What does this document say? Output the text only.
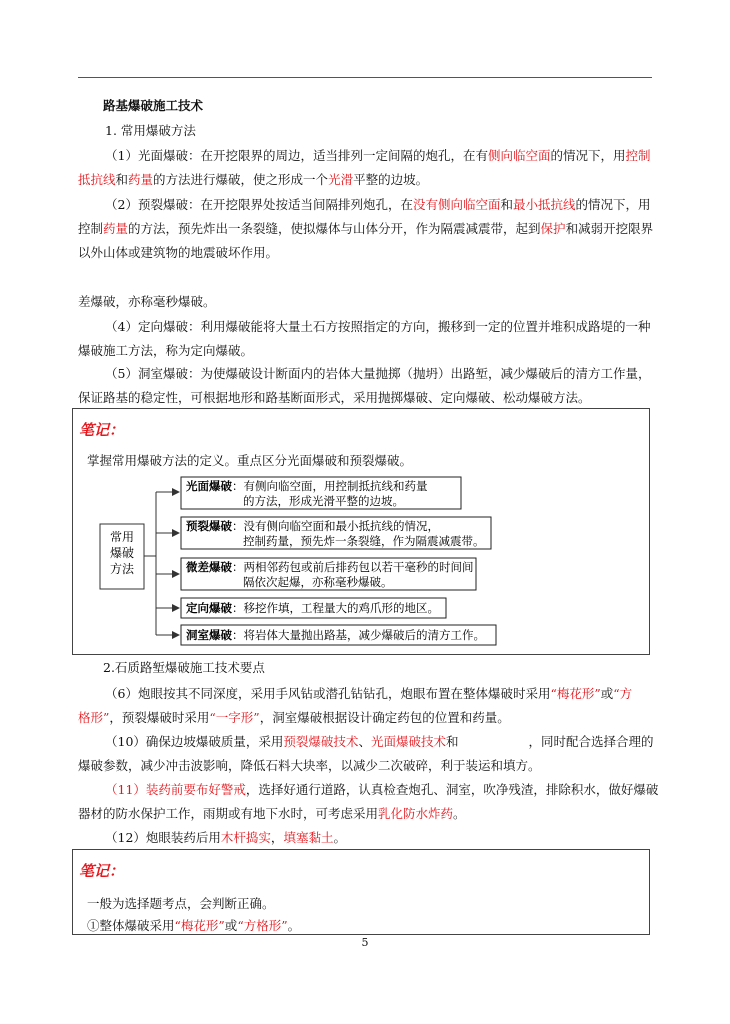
路基爆破施工技术
1. 常用爆破方法
（1）光面爆破：在开挖限界的周边，适当排列一定间隔的炮孔，在有侧向临空面的情况下，用控制
抵抗线和药量的方法进行爆破，使之形成一个光滑平整的边坡。
（2）预裂爆破：在开挖限界处按适当间隔排列炮孔，在没有侧向临空面和最小抵抗线的情况下，用
控制药量的方法，预先炸出一条裂缝，使拟爆体与山体分开，作为隔震减震带，起到保护和减弱开挖限界
以外山体或建筑物的地震破坏作用。
差爆破，亦称毫秒爆破。
（4）定向爆破：利用爆破能将大量土石方按照指定的方向，搬移到一定的位置并堆积成路堤的一种
爆破施工方法，称为定向爆破。
（5）洞室爆破：为使爆破设计断面内的岩体大量抛掷（抛坍）出路堑，减少爆破后的清方工作量，
保证路基的稳定性，可根据地形和路基断面形式，采用抛掷爆破、定向爆破、松动爆破方法。
笔记：
掌握常用爆破方法的定义。重点区分光面爆破和预裂爆破。
常用
爆破
方法
光面爆破：有侧向临空面，用控制抵抗线和药量
的方法，形成光滑平整的边坡。
预裂爆破：没有侧向临空面和最小抵抗线的情况，
控制药量，预先炸一条裂缝，作为隔震减震带。
微差爆破：两相邻药包或前后排药包以若干毫秒的时间间
隔依次起爆，亦称毫秒爆破。
定向爆破：移挖作填，工程量大的鸡爪形的地区。
洞室爆破：将岩体大量抛出路基，减少爆破后的清方工作。
2.石质路堑爆破施工技术要点
（6）炮眼按其不同深度，采用手风钻或潜孔钻钻孔，炮眼布置在整体爆破时采用“梅花形”或“方
格形”，预裂爆破时采用“一字形”，洞室爆破根据设计确定药包的位置和药量。
（10）确保边坡爆破质量，采用预裂爆破技术、光面爆破技术和	，同时配合选择合理的
爆破参数，减少冲击波影响，降低石料大块率，以减少二次破碎，利于装运和填方。
（11）装药前要布好警戒，选择好通行道路，认真检查炮孔、洞室，吹净残渣，排除积水，做好爆破
器材的防水保护工作，雨期或有地下水时，可考虑采用乳化防水炸药。
（12）炮眼装药后用木杆捣实，填塞黏土。
笔记：
一般为选择题考点，会判断正确。
①整体爆破采用“梅花形”或“方格形”。
5
